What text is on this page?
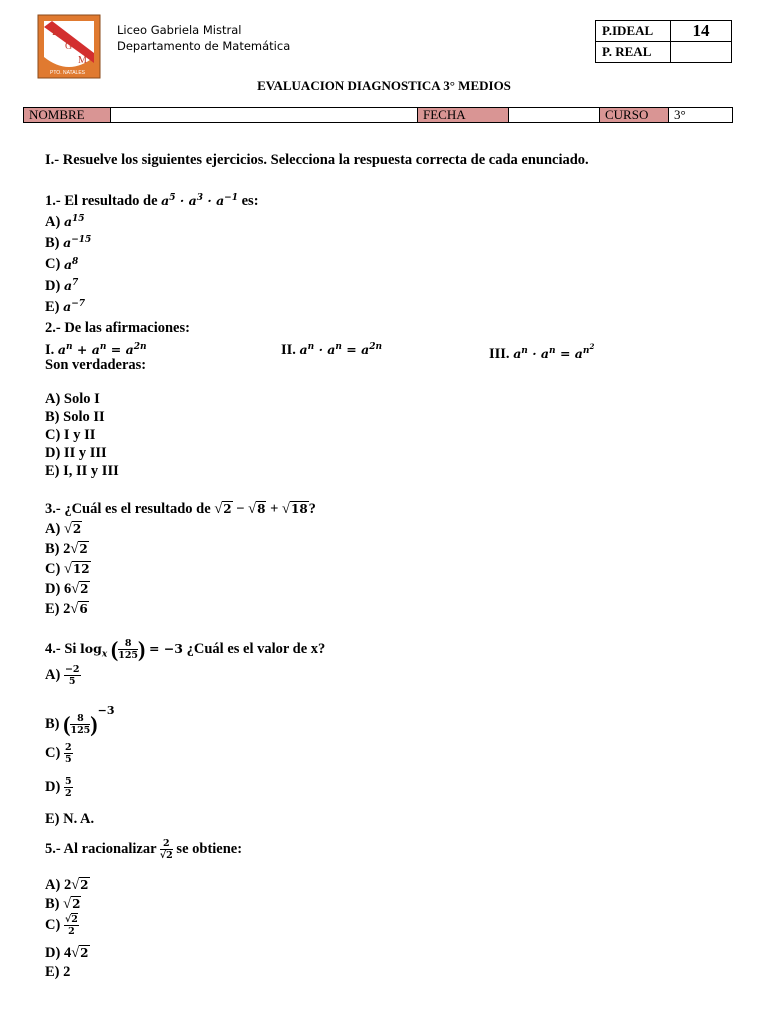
L
G
M
PTO. NATALES
Liceo Gabriela Mistral
Departamento de Matemática
P.IDEAL	14
P. REAL	
EVALUACION DIAGNOSTICA 3° MEDIOS
NOMBRE		FECHA		CURSO	3°
I.- Resuelve los siguientes ejercicios. Selecciona la respuesta correcta de cada enunciado.
1.- El resultado de $a^5 \cdot a^3 \cdot a^{-1}$ es:
A) $a^{15}$
B) $a^{-15}$
C) $a^8$
D) $a^7$
E) $a^{-7}$
2.- De las afirmaciones:
I. $a^n + a^n = a^{2n}$	II. $a^n \cdot a^n = a^{2n}$	III. $a^n \cdot a^n = a^{n^2}$
Son verdaderas:
A) Solo I
B) Solo II
C) I y II
D) II y III
E) I, II y III
3.- ¿Cuál es el resultado de √2 − √8 + √18?
A) √2
B) 2√2
C) √12
D) 6√2
E) 2√6
4.- Si $\log_x$ ( $\frac{8}{125}$ ) = −3 ¿Cuál es el valor de x?
$A) \frac{-2}{5}$
B) ( $\frac{8}{125} )^{-3}$
$C) \frac{2}{5}$
$D) \frac{5}{2}$
E) N. A.
5.- Al racionalizar $\frac{2}{√2}$ se obtiene:
A) 2√2
B) √2
$C) \frac{√2}{2}$
D) 4√2
E) 2
